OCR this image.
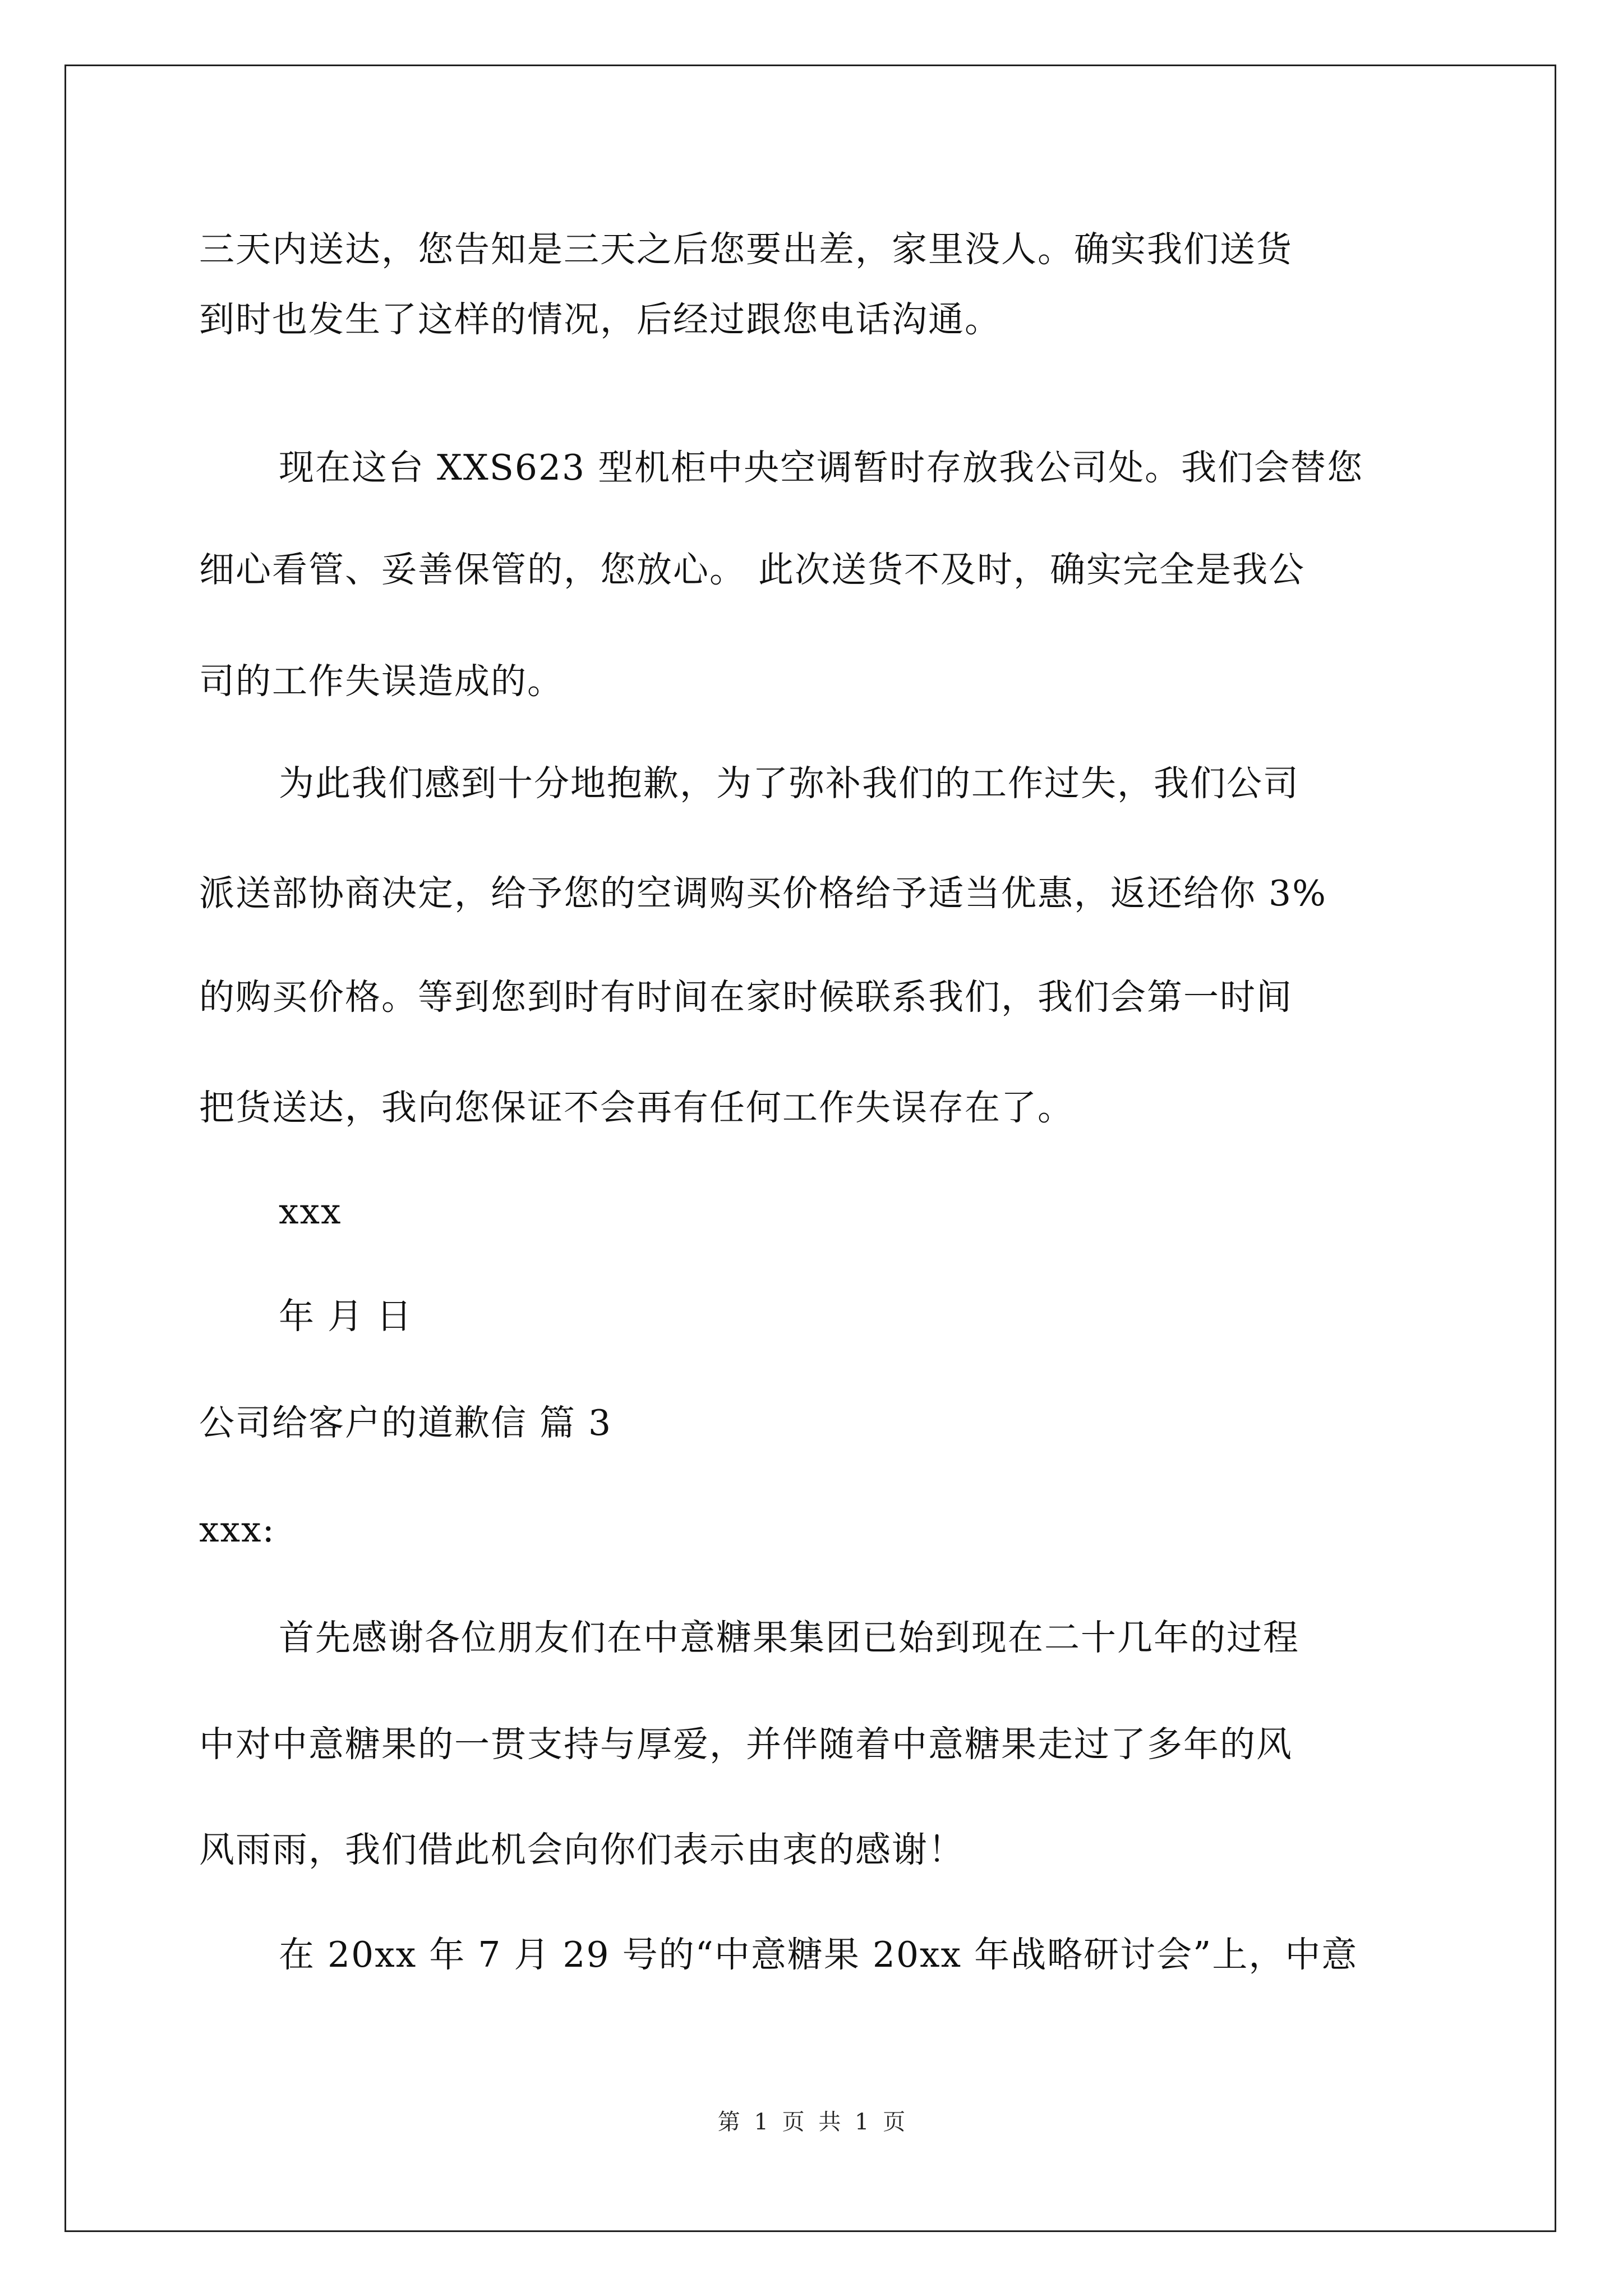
三天内送达，您告知是三天之后您要出差，家里没人。确实我们送货
到时也发生了这样的情况，后经过跟您电话沟通。
现在这台 XXS623 型机柜中央空调暂时存放我公司处。我们会替您
细心看管、妥善保管的，您放心。 此次送货不及时，确实完全是我公
司的工作失误造成的。
为此我们感到十分地抱歉，为了弥补我们的工作过失，我们公司
派送部协商决定，给予您的空调购买价格给予适当优惠，返还给你 3%
的购买价格。等到您到时有时间在家时候联系我们，我们会第一时间
把货送达，我向您保证不会再有任何工作失误存在了。
xxx
年 月 日
公司给客户的道歉信 篇 3
xxx:
首先感谢各位朋友们在中意糖果集团已始到现在二十几年的过程
中对中意糖果的一贯支持与厚爱，并伴随着中意糖果走过了多年的风
风雨雨，我们借此机会向你们表示由衷的感谢！
在 20xx 年 7 月 29 号的“中意糖果 20xx 年战略研讨会”上，中意
第 1 页 共 1 页
